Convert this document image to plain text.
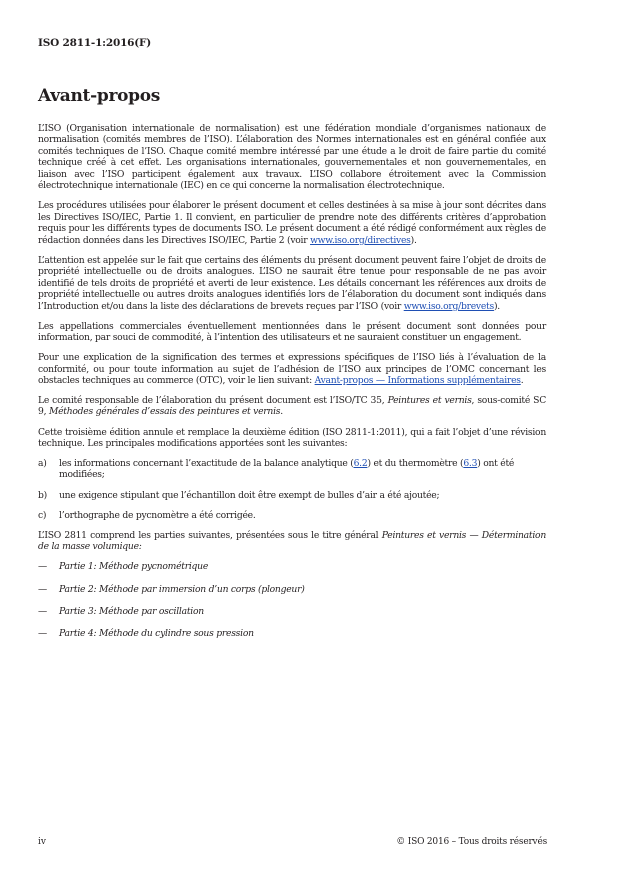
ISO 2811-1:2016(F)
Avant-propos

L’ISO (Organisation internationale de normalisation) est une fédération mondiale d’organismes nationaux de normalisation (comités membres de l’ISO). L’élaboration des Normes internationales est en général confiée aux comités techniques de l’ISO. Chaque comité membre intéressé par une étude a le droit de faire partie du comité technique créé à cet effet. Les organisations internationales, gouvernementales et non gouvernementales, en liaison avec l’ISO participent également aux travaux. L’ISO collabore étroitement avec la Commission électrotechnique internationale (IEC) en ce qui concerne la normalisation électrotechnique.

Les procédures utilisées pour élaborer le présent document et celles destinées à sa mise à jour sont décrites dans les Directives ISO/IEC, Partie 1. Il convient, en particulier de prendre note des différents critères d’approbation requis pour les différents types de documents ISO. Le présent document a été rédigé conformément aux règles de rédaction données dans les Directives ISO/IEC, Partie 2 (voir www.iso.org/directives).

L’attention est appelée sur le fait que certains des éléments du présent document peuvent faire l’objet de droits de propriété intellectuelle ou de droits analogues. L’ISO ne saurait être tenue pour responsable de ne pas avoir identifié de tels droits de propriété et averti de leur existence. Les détails concernant les références aux droits de propriété intellectuelle ou autres droits analogues identifiés lors de l’élaboration du document sont indiqués dans l’Introduction et/ou dans la liste des déclarations de brevets reçues par l’ISO (voir www.iso.org/brevets).

Les appellations commerciales éventuellement mentionnées dans le présent document sont données pour information, par souci de commodité, à l’intention des utilisateurs et ne sauraient constituer un engagement.

Pour une explication de la signification des termes et expressions spécifiques de l’ISO liés à l’évaluation de la conformité, ou pour toute information au sujet de l’adhésion de l’ISO aux principes de l’OMC concernant les obstacles techniques au commerce (OTC), voir le lien suivant: Avant-propos — Informations supplémentaires.

Le comité responsable de l’élaboration du présent document est l’ISO/TC 35, Peintures et vernis, sous-comité SC 9, Méthodes générales d’essais des peintures et vernis.

Cette troisième édition annule et remplace la deuxième édition (ISO 2811-1:2011), qui a fait l’objet d’une révision technique. Les principales modifications apportées sont les suivantes:

a)	les informations concernant l’exactitude de la balance analytique (6.2) et du thermomètre (6.3) ont été modifiées;
b)	une exigence stipulant que l’échantillon doit être exempt de bulles d’air a été ajoutée;
c)	l’orthographe de pycnomètre a été corrigée.

L’ISO 2811 comprend les parties suivantes, présentées sous le titre général Peintures et vernis — Détermination de la masse volumique:

—	Partie 1: Méthode pycnométrique
—	Partie 2: Méthode par immersion d’un corps (plongeur)
—	Partie 3: Méthode par oscillation
—	Partie 4: Méthode du cylindre sous pression
iv	© ISO 2016 – Tous droits réservés
